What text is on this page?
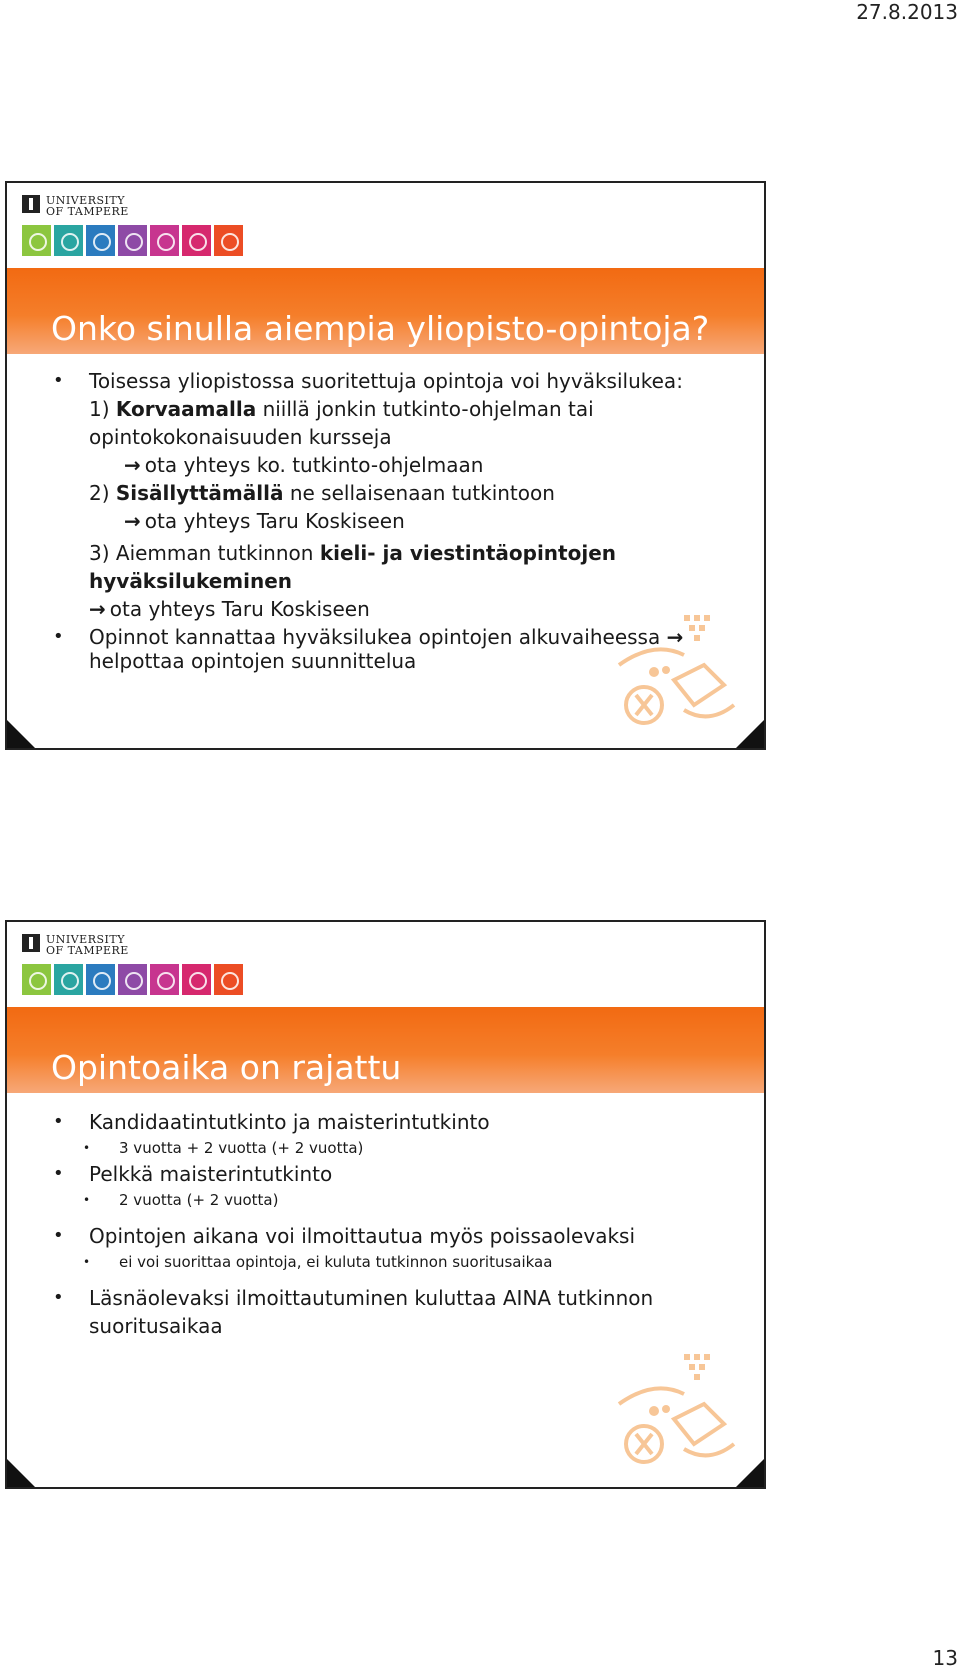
27.8.2013
UNIVERSITY
OF TAMPERE
Onko sinulla aiempia yliopisto-opintoja?
• Toisessa yliopistossa suoritettuja opintoja voi hyväksilukea:
1) Korvaamalla niillä jonkin tutkinto-ohjelman tai
opintokokonaisuuden kursseja
→ ota yhteys ko. tutkinto-ohjelmaan
2) Sisällyttämällä ne sellaisenaan tutkintoon
→ ota yhteys Taru Koskiseen
3) Aiemman tutkinnon kieli- ja viestintäopintojen
hyväksilukeminen
→ ota yhteys Taru Koskiseen
• Opinnot kannattaa hyväksilukea opintojen alkuvaiheessa →
helpottaa opintojen suunnittelua
UNIVERSITY
OF TAMPERE
Opintoaika on rajattu
• Kandidaatintutkinto ja maisterintutkinto
• 3 vuotta + 2 vuotta (+ 2 vuotta)
• Pelkkä maisterintutkinto
• 2 vuotta (+ 2 vuotta)
• Opintojen aikana voi ilmoittautua myös poissaolevaksi
• ei voi suorittaa opintoja, ei kuluta tutkinnon suoritusaikaa
• Läsnäolevaksi ilmoittautuminen kuluttaa AINA tutkinnon
suoritusaikaa
13
